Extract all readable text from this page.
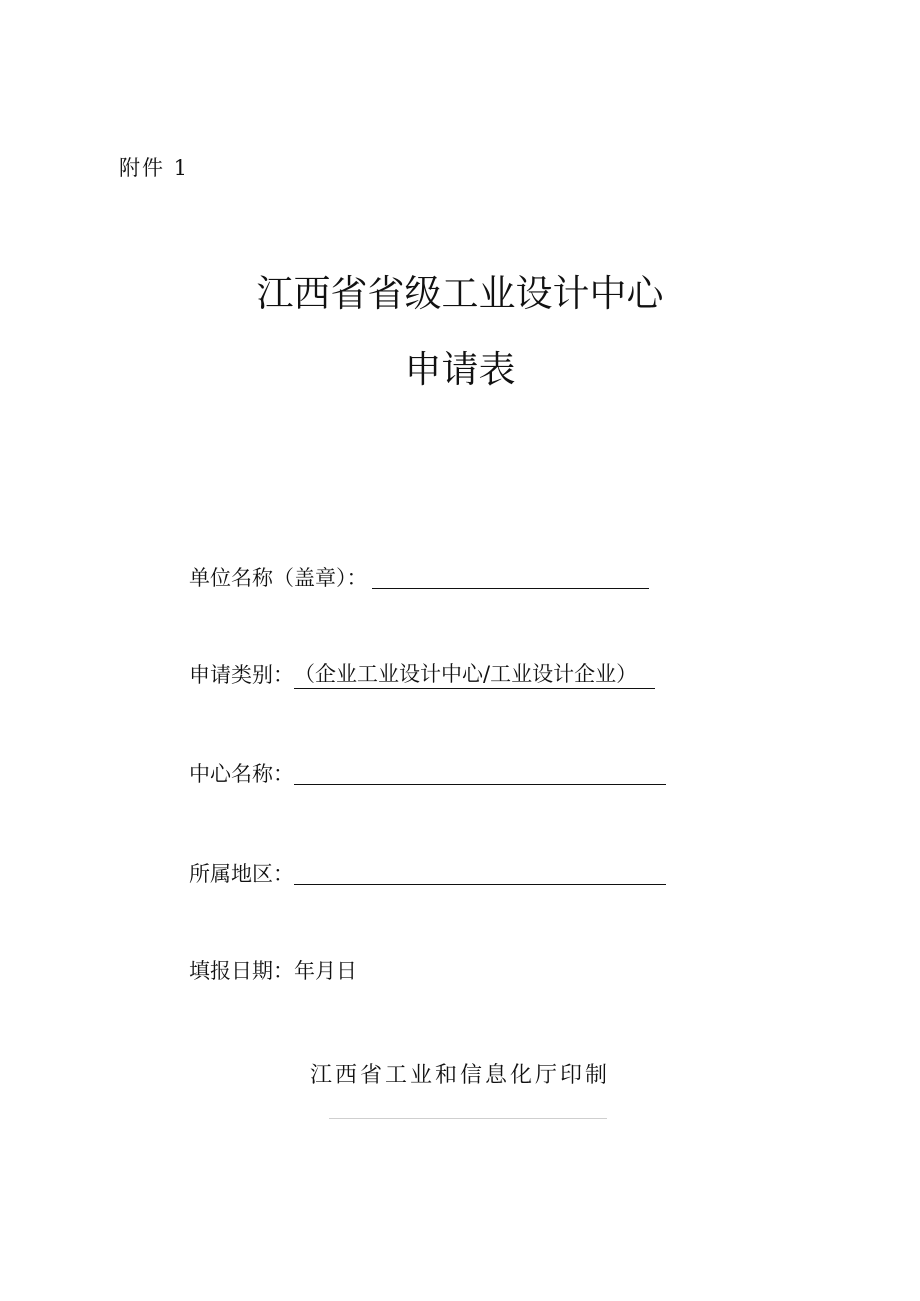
附件 1
江西省省级工业设计中心
申请表
单位名称（盖章）：
申请类别： （企业工业设计中心/工业设计企业）
中心名称：
所属地区：
填报日期： 年月日
江西省工业和信息化厅印制
